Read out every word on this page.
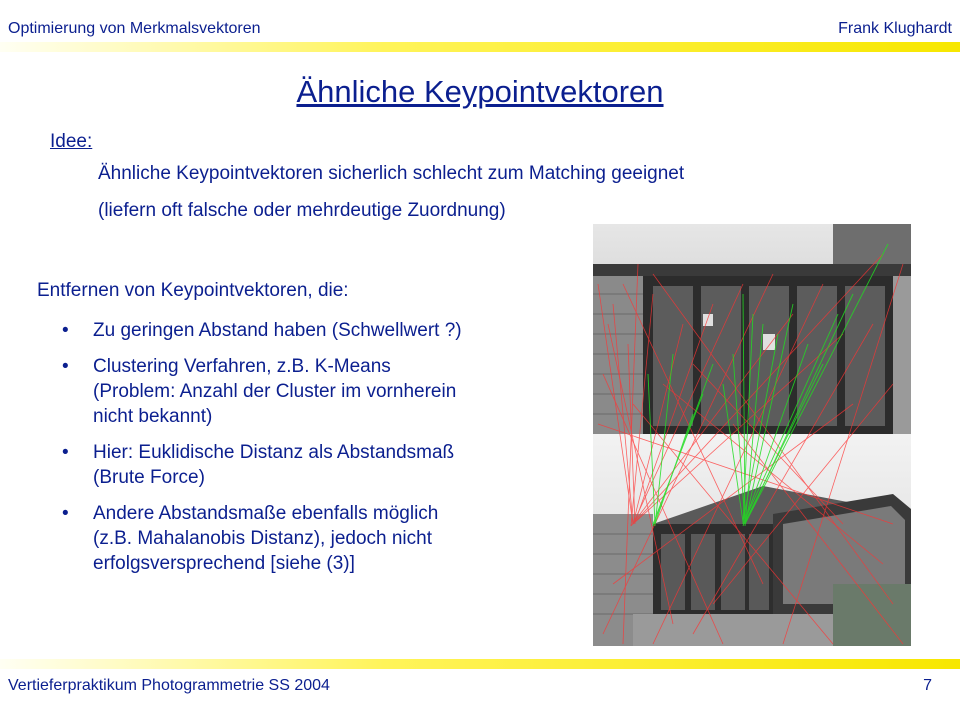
Optimierung von Merkmalsvektoren	Frank Klughardt
Ähnliche Keypointvektoren
Idee:
Ähnliche Keypointvektoren sicherlich schlecht zum Matching geeignet
(liefern oft falsche oder mehrdeutige Zuordnung)
Entfernen von Keypointvektoren, die:
• Zu geringen Abstand haben (Schwellwert ?)
• Clustering Verfahren, z.B. K-Means
(Problem: Anzahl der Cluster im vornherein
nicht bekannt)
• Hier: Euklidische Distanz als Abstandsmaß
(Brute Force)
• Andere Abstandsmaße ebenfalls möglich
(z.B. Mahalanobis Distanz), jedoch nicht
erfolgsversprechend [siehe (3)]
Vertieferpraktikum Photogrammetrie SS 2004	7
